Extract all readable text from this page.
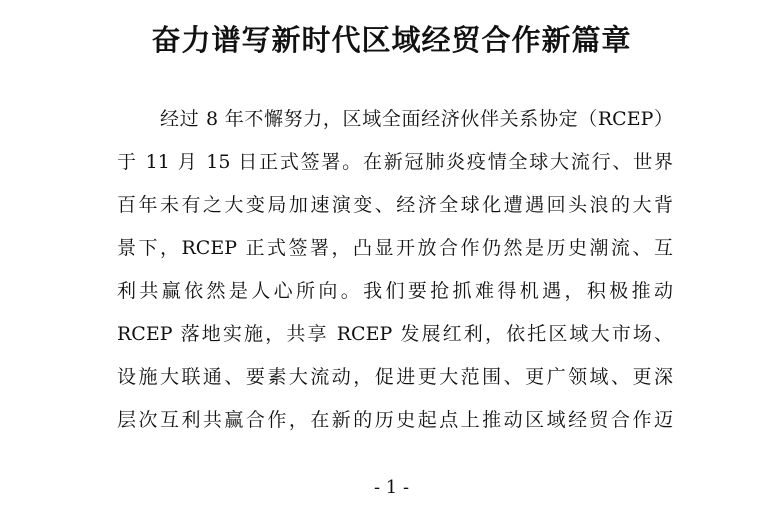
奋力谱写新时代区域经贸合作新篇章
经过 8 年不懈努力，区域全面经济伙伴关系协定（RCEP）
于 11 月 15 日正式签署。在新冠肺炎疫情全球大流行、世界
百年未有之大变局加速演变、经济全球化遭遇回头浪的大背
景下，RCEP 正式签署，凸显开放合作仍然是历史潮流、互
利共赢依然是人心所向。我们要抢抓难得机遇，积极推动
RCEP 落地实施，共享 RCEP 发展红利，依托区域大市场、
设施大联通、要素大流动，促进更大范围、更广领域、更深
层次互利共赢合作，在新的历史起点上推动区域经贸合作迈
- 1 -
